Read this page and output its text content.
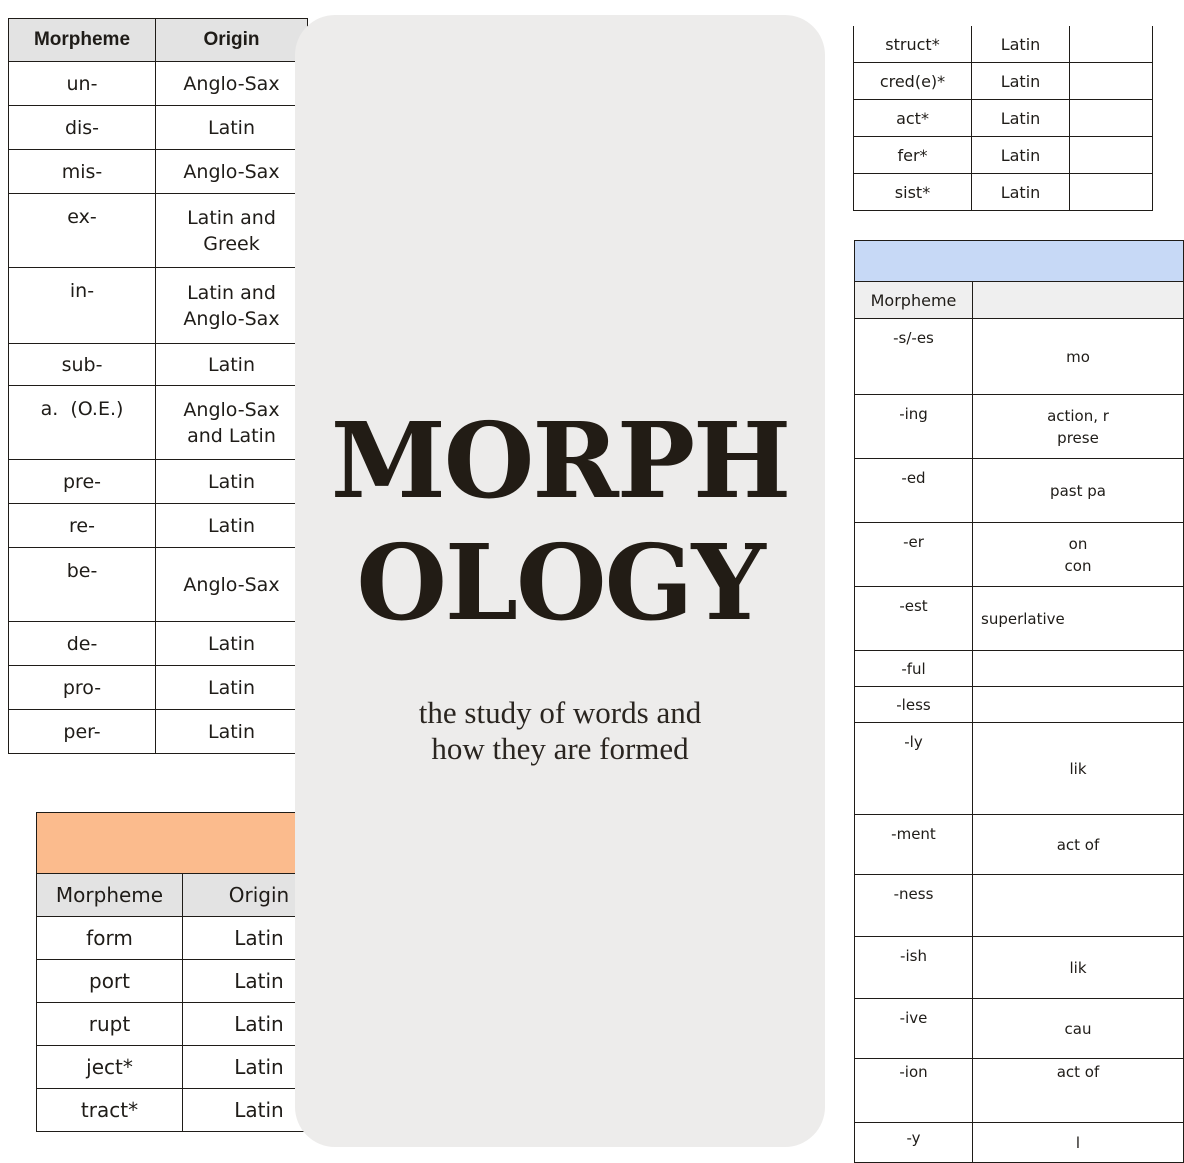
Morpheme	Origin
un-	Anglo-Sax
dis-	Latin
mis-	Anglo-Sax
ex-	Latin and
Greek
in-	Latin and
Anglo-Sax
sub-	Latin
a.  (O.E.)	Anglo-Sax
and Latin
pre-	Latin
re-	Latin
be-	Anglo-Sax
de-	Latin
pro-	Latin
per-	Latin

Morpheme	Origin
form	Latin
port	Latin
rupt	Latin
ject*	Latin
tract*	Latin
struct*	Latin	
cred(e)*	Latin	
act*	Latin	
fer*	Latin	
sist*	Latin	

Morpheme	
-s/-es	mo
-ing	action, r
prese
-ed	past pa
-er	on
con
-est	superlative
-ful	
-less	
-ly	lik
-ment	act of
-ness	
-ish	lik
-ive	cau
-ion	act of
-y	l
MORPH
OLOGY
the study of words and
how they are formed
